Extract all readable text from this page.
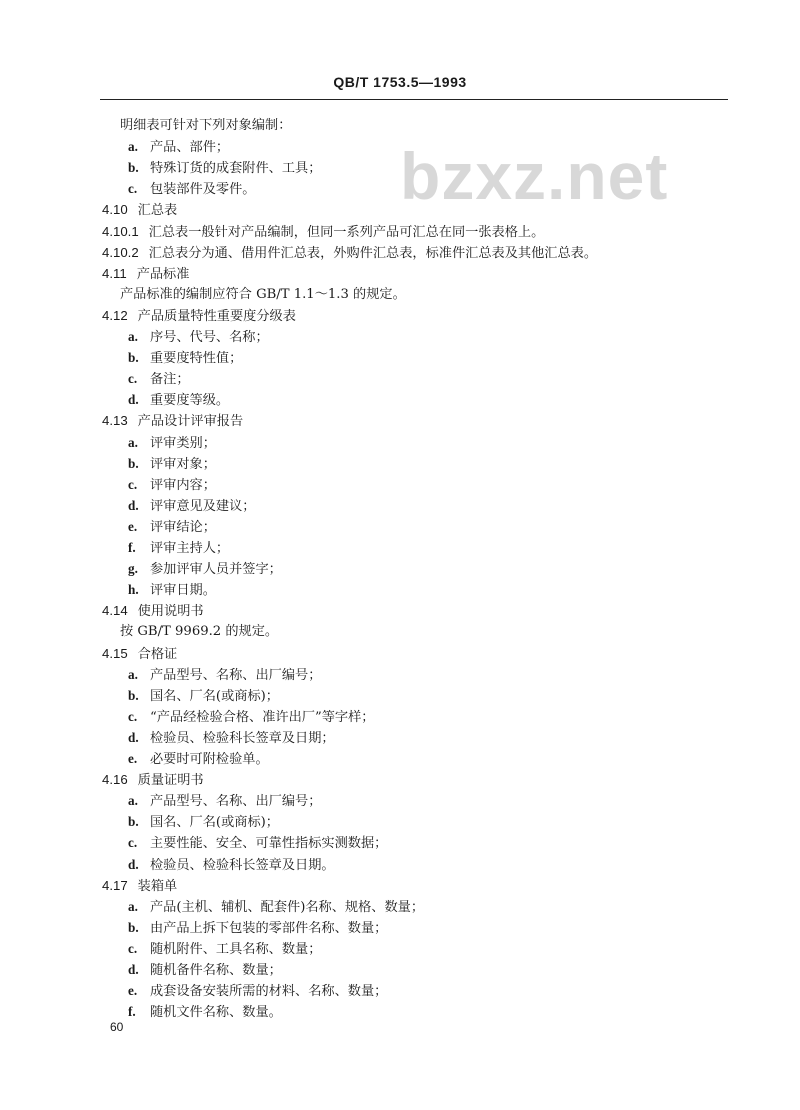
QB/T 1753.5—1993
bzxz.net
明细表可针对下列对象编制：
a. 产品、部件；
b. 特殊订货的成套附件、工具；
c. 包装部件及零件。
4.10 汇总表
4.10.1 汇总表一般针对产品编制，但同一系列产品可汇总在同一张表格上。
4.10.2 汇总表分为通、借用件汇总表，外购件汇总表，标准件汇总表及其他汇总表。
4.11 产品标准
产品标准的编制应符合 GB/T 1.1～1.3 的规定。
4.12 产品质量特性重要度分级表
a. 序号、代号、名称；
b. 重要度特性值；
c. 备注；
d. 重要度等级。
4.13 产品设计评审报告
a. 评审类别；
b. 评审对象；
c. 评审内容；
d. 评审意见及建议；
e. 评审结论；
f. 评审主持人；
g. 参加评审人员并签字；
h. 评审日期。
4.14 使用说明书
按 GB/T 9969.2 的规定。
4.15 合格证
a. 产品型号、名称、出厂编号；
b. 国名、厂名(或商标)；
c. “产品经检验合格、准许出厂”等字样；
d. 检验员、检验科长签章及日期；
e. 必要时可附检验单。
4.16 质量证明书
a. 产品型号、名称、出厂编号；
b. 国名、厂名(或商标)；
c. 主要性能、安全、可靠性指标实测数据；
d. 检验员、检验科长签章及日期。
4.17 装箱单
a. 产品(主机、辅机、配套件)名称、规格、数量；
b. 由产品上拆下包装的零部件名称、数量；
c. 随机附件、工具名称、数量；
d. 随机备件名称、数量；
e. 成套设备安装所需的材料、名称、数量；
f. 随机文件名称、数量。
60
